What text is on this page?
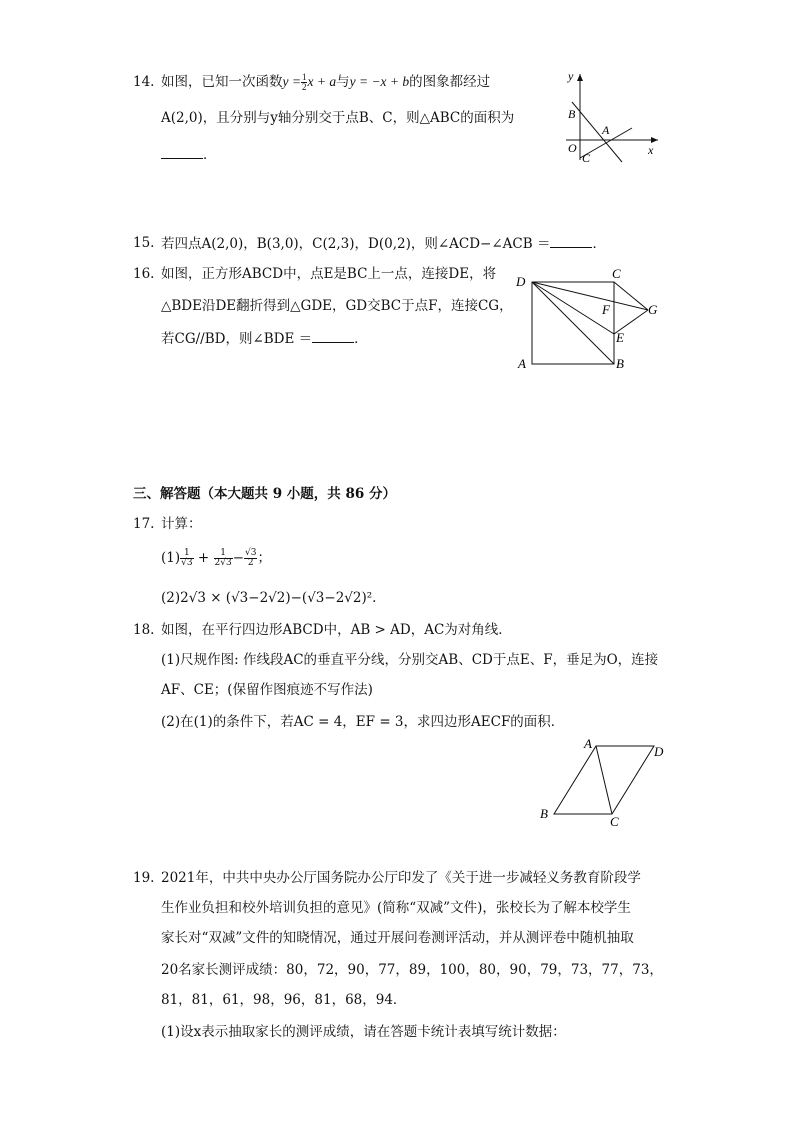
14. 如图，已知一次函数$y = \frac{1}{2}$ x + a与y = −x + b的图象都经过
A(2,0)，且分别与y轴分别交于点B、C，则△ABC的面积为
．
y
x
B
A
O
C
15. 若四点A(2,0)，B(3,0)，C(2,3)，D(0,2)，则∠ACD−∠ACB ＝	．
16. 如图，正方形ABCD中，点E是BC上一点，连接DE，将
△BDE沿DE翻折得到△GDE，GD交BC于点F，连接CG，
若CG//BD，则∠BDE ＝	．
D
C
F	G
E
A	B
三、解答题（本大题共 9 小题，共 86 分）
17. 计算：
$(1) \frac{1}{√3} + \frac{1}{2√3} - \frac{√3}{2}$ ；
(2)2√3 × (√3−2√2)−(√3−2√2)².
18. 如图，在平行四边形ABCD中，AB > AD，AC为对角线．
(1)尺规作图: 作线段AC的垂直平分线，分别交AB、CD于点E、F，垂足为O，连接
AF、CE；(保留作图痕迹不写作法)
(2)在(1)的条件下，若AC = 4，EF = 3，求四边形AECF的面积．
A
D
B
C
19. 2021年，中共中央办公厅国务院办公厅印发了《关于进一步减轻义务教育阶段学
生作业负担和校外培训负担的意见》(简称“双减”文件)，张校长为了解本校学生
家长对“双减”文件的知晓情况，通过开展问卷测评活动，并从测评卷中随机抽取
20名家长测评成绩：80，72，90，77，89，100，80，90，79，73，77，73，
81，81，61，98，96，81，68，94．
(1)设x表示抽取家长的测评成绩，请在答题卡统计表填写统计数据：
